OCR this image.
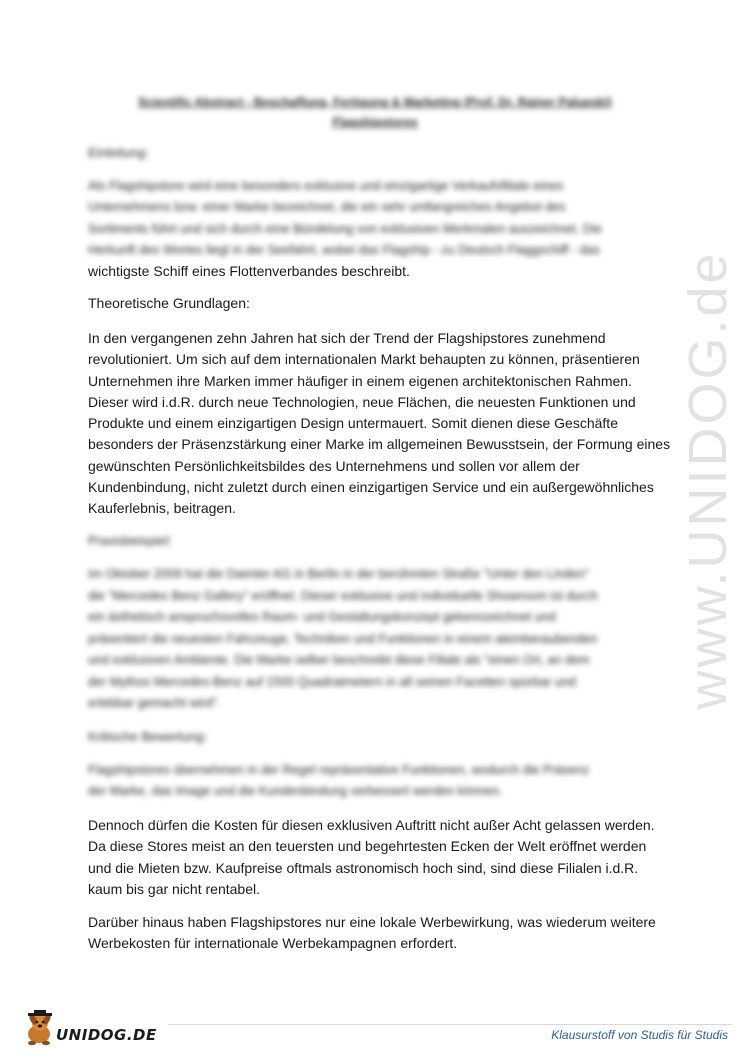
www.UNIDOG.de
Scientific Abstract - Beschaffung, Fertigung & Marketing (Prof. Dr. Rainer Palupski)
Flagshipstores
Einleitung:
Als Flagshipstore wird eine besonders exklusive und einzigartige Verkaufsfiliale eines
Unternehmens bzw. einer Marke bezeichnet, die ein sehr umfangreiches Angebot des
Sortiments führt und sich durch eine Bündelung von exklusiven Merkmalen auszeichnet. Die
Herkunft des Wortes liegt in der Seefahrt, wobei das Flagship - zu Deutsch Flaggschiff - das
wichtigste Schiff eines Flottenverbandes beschreibt.
Theoretische Grundlagen:
In den vergangenen zehn Jahren hat sich der Trend der Flagshipstores zunehmend
revolutioniert. Um sich auf dem internationalen Markt behaupten zu können, präsentieren
Unternehmen ihre Marken immer häufiger in einem eigenen architektonischen Rahmen.
Dieser wird i.d.R. durch neue Technologien, neue Flächen, die neuesten Funktionen und
Produkte und einem einzigartigen Design untermauert. Somit dienen diese Geschäfte
besonders der Präsenzstärkung einer Marke im allgemeinen Bewusstsein, der Formung eines
gewünschten Persönlichkeitsbildes des Unternehmens und sollen vor allem der
Kundenbindung, nicht zuletzt durch einen einzigartigen Service und ein außergewöhnliches
Kauferlebnis, beitragen.
Praxisbeispiel:
Im Oktober 2009 hat die Daimler AG in Berlin in der berühmten Straße "Unter den Linden"
die "Mercedes Benz Gallery" eröffnet. Dieser exklusive und individuelle Showroom ist durch
ein ästhetisch anspruchsvolles Raum- und Gestaltungskonzept gekennzeichnet und
präsentiert die neuesten Fahrzeuge, Techniken und Funktionen in einem atemberaubenden
und exklusiven Ambiente. Die Marke selber beschreibt diese Filiale als "einen Ort, an dem
der Mythos Mercedes-Benz auf 1500 Quadratmetern in all seinen Facetten spürbar und
erlebbar gemacht wird".
Kritische Bewertung:
Flagshipstores übernehmen in der Regel repräsentative Funktionen, wodurch die Präsenz
der Marke, das Image und die Kundenbindung verbessert werden können.
Dennoch dürfen die Kosten für diesen exklusiven Auftritt nicht außer Acht gelassen werden.
Da diese Stores meist an den teuersten und begehrtesten Ecken der Welt eröffnet werden
und die Mieten bzw. Kaufpreise oftmals astronomisch hoch sind, sind diese Filialen i.d.R.
kaum bis gar nicht rentabel.
Darüber hinaus haben Flagshipstores nur eine lokale Werbewirkung, was wiederum weitere
Werbekosten für internationale Werbekampagnen erfordert.
UNIDOG.DE	Klausurstoff von Studis für Studis
